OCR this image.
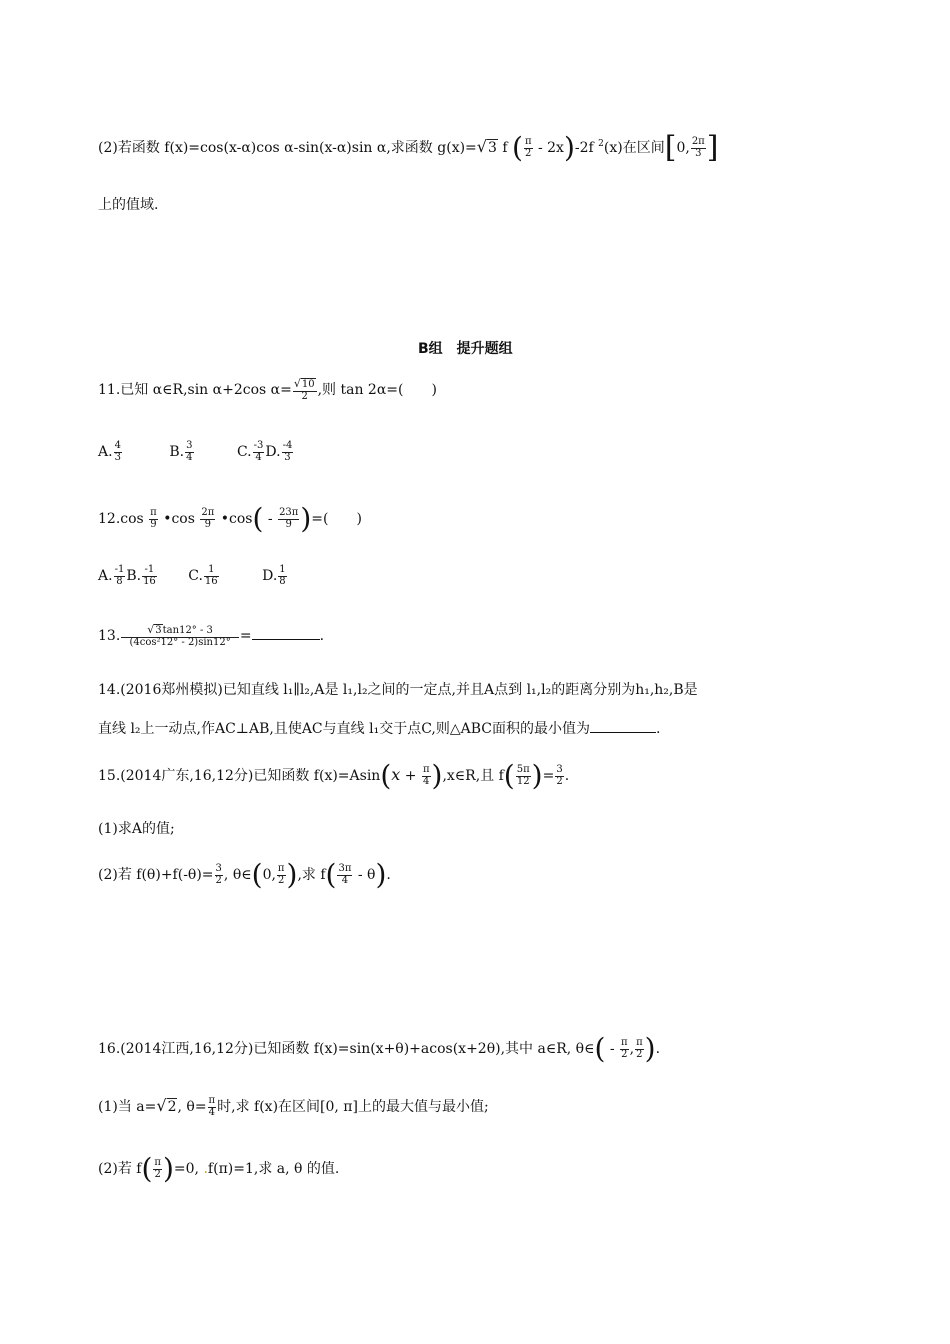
(2)若函数 f(x)=cos(x-α)cos α-sin(x-α)sin α,求函数 g(x)=√3 f ( $\frac{\pi}{2} - 2x)-2f$ $^2$(x)在区间[0, $\frac{2\pi}{3}$ ]
上的值域.
B组　提升题组
11.已知 α∈R,sin α+2cos $\alpha= \frac{√10}{2}$ ,则 tan 2α=(　　)
A. $\frac{4}{3}$	B. $\frac{3}{4}$	C. $\frac{-3}{4} D$. $\frac{-4}{3}$
$12.\cos \frac{\pi}{9}$ •cos $\frac{2\pi}{9}$ •cos( - $\frac{23\pi}{9}$ )=(　　)
A. $\frac{-1}{8} B$. $\frac{-1}{16} C$. $\frac{1}{16}$	D. $\frac{1}{8}$
13. $\frac{√3\tan 12^\circ - 3}{\text{(4cos²12° - 2)sin12°}}$ =	.
14.(2016郑州模拟)已知直线 l₁∥l₂,A是 l₁,l₂之间的一定点,并且A点到 l₁,l₂的距离分别为h₁,h₂,B是
直线 l₂上一动点,作AC⊥AB,且使AC与直线 l₁交于点C,则△ABC面积的最小值为	.
15.(2014广东,16,12分)已知函数 $f(x)=Asin(x + \frac{\pi}{4}$ ),x∈R,且 $f( \frac{5\pi}{12}$ )= $\frac{3}{2}$ .
(1)求A的值;
(2)若 $f(\theta)+f(-\theta)= \frac{3}{2}$ , θ∈(0, $\frac{\pi}{2}$ ),求 $f( \frac{3\pi}{4} - \theta)$.
16.(2014江西,16,12分)已知函数 f(x)=sin(x+θ)+acos(x+2θ),其中 a∈R, θ∈( - $\frac{\pi}{2}$ , $\frac{\pi}{2}$ ).
(1)当 a=√2, $\theta= \frac{\pi}{4}$ 时,求 f(x)在区间[0, π]上的最大值与最小值;
(2)若 $f( \frac{\pi}{2} )=0$, .f(π)=1,求 a, θ 的值.
